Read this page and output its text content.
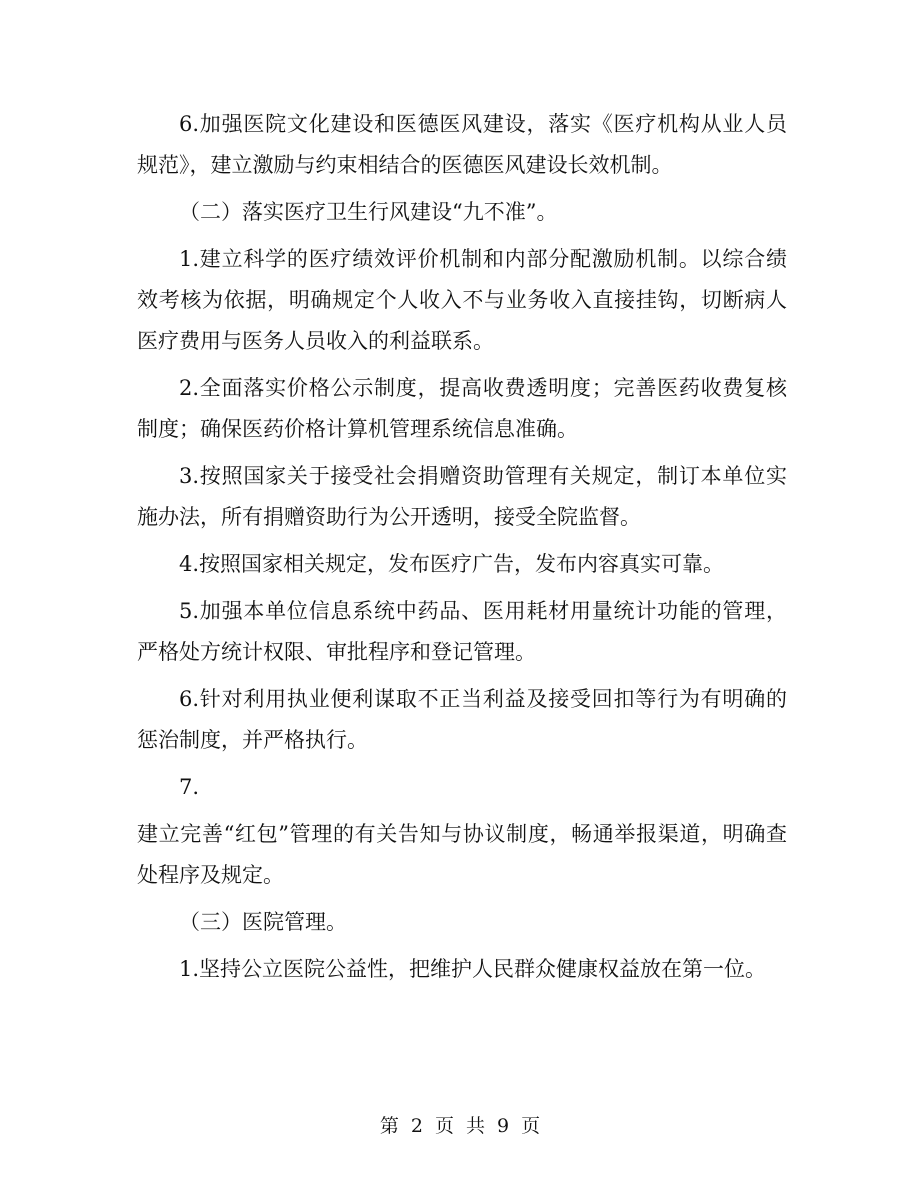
6.加强医院文化建设和医德医风建设，落实《医疗机构从业人员规范》，建立激励与约束相结合的医德医风建设长效机制。

（二）落实医疗卫生行风建设“九不准”。

1.建立科学的医疗绩效评价机制和内部分配激励机制。以综合绩效考核为依据，明确规定个人收入不与业务收入直接挂钩，切断病人医疗费用与医务人员收入的利益联系。

2.全面落实价格公示制度，提高收费透明度；完善医药收费复核制度；确保医药价格计算机管理系统信息准确。

3.按照国家关于接受社会捐赠资助管理有关规定，制订本单位实施办法，所有捐赠资助行为公开透明，接受全院监督。

4.按照国家相关规定，发布医疗广告，发布内容真实可靠。

5.加强本单位信息系统中药品、医用耗材用量统计功能的管理，严格处方统计权限、审批程序和登记管理。

6.针对利用执业便利谋取不正当利益及接受回扣等行为有明确的惩治制度，并严格执行。

7.

建立完善“红包”管理的有关告知与协议制度，畅通举报渠道，明确查处程序及规定。

（三）医院管理。

1.坚持公立医院公益性，把维护人民群众健康权益放在第一位。

第 2 页 共 9 页
